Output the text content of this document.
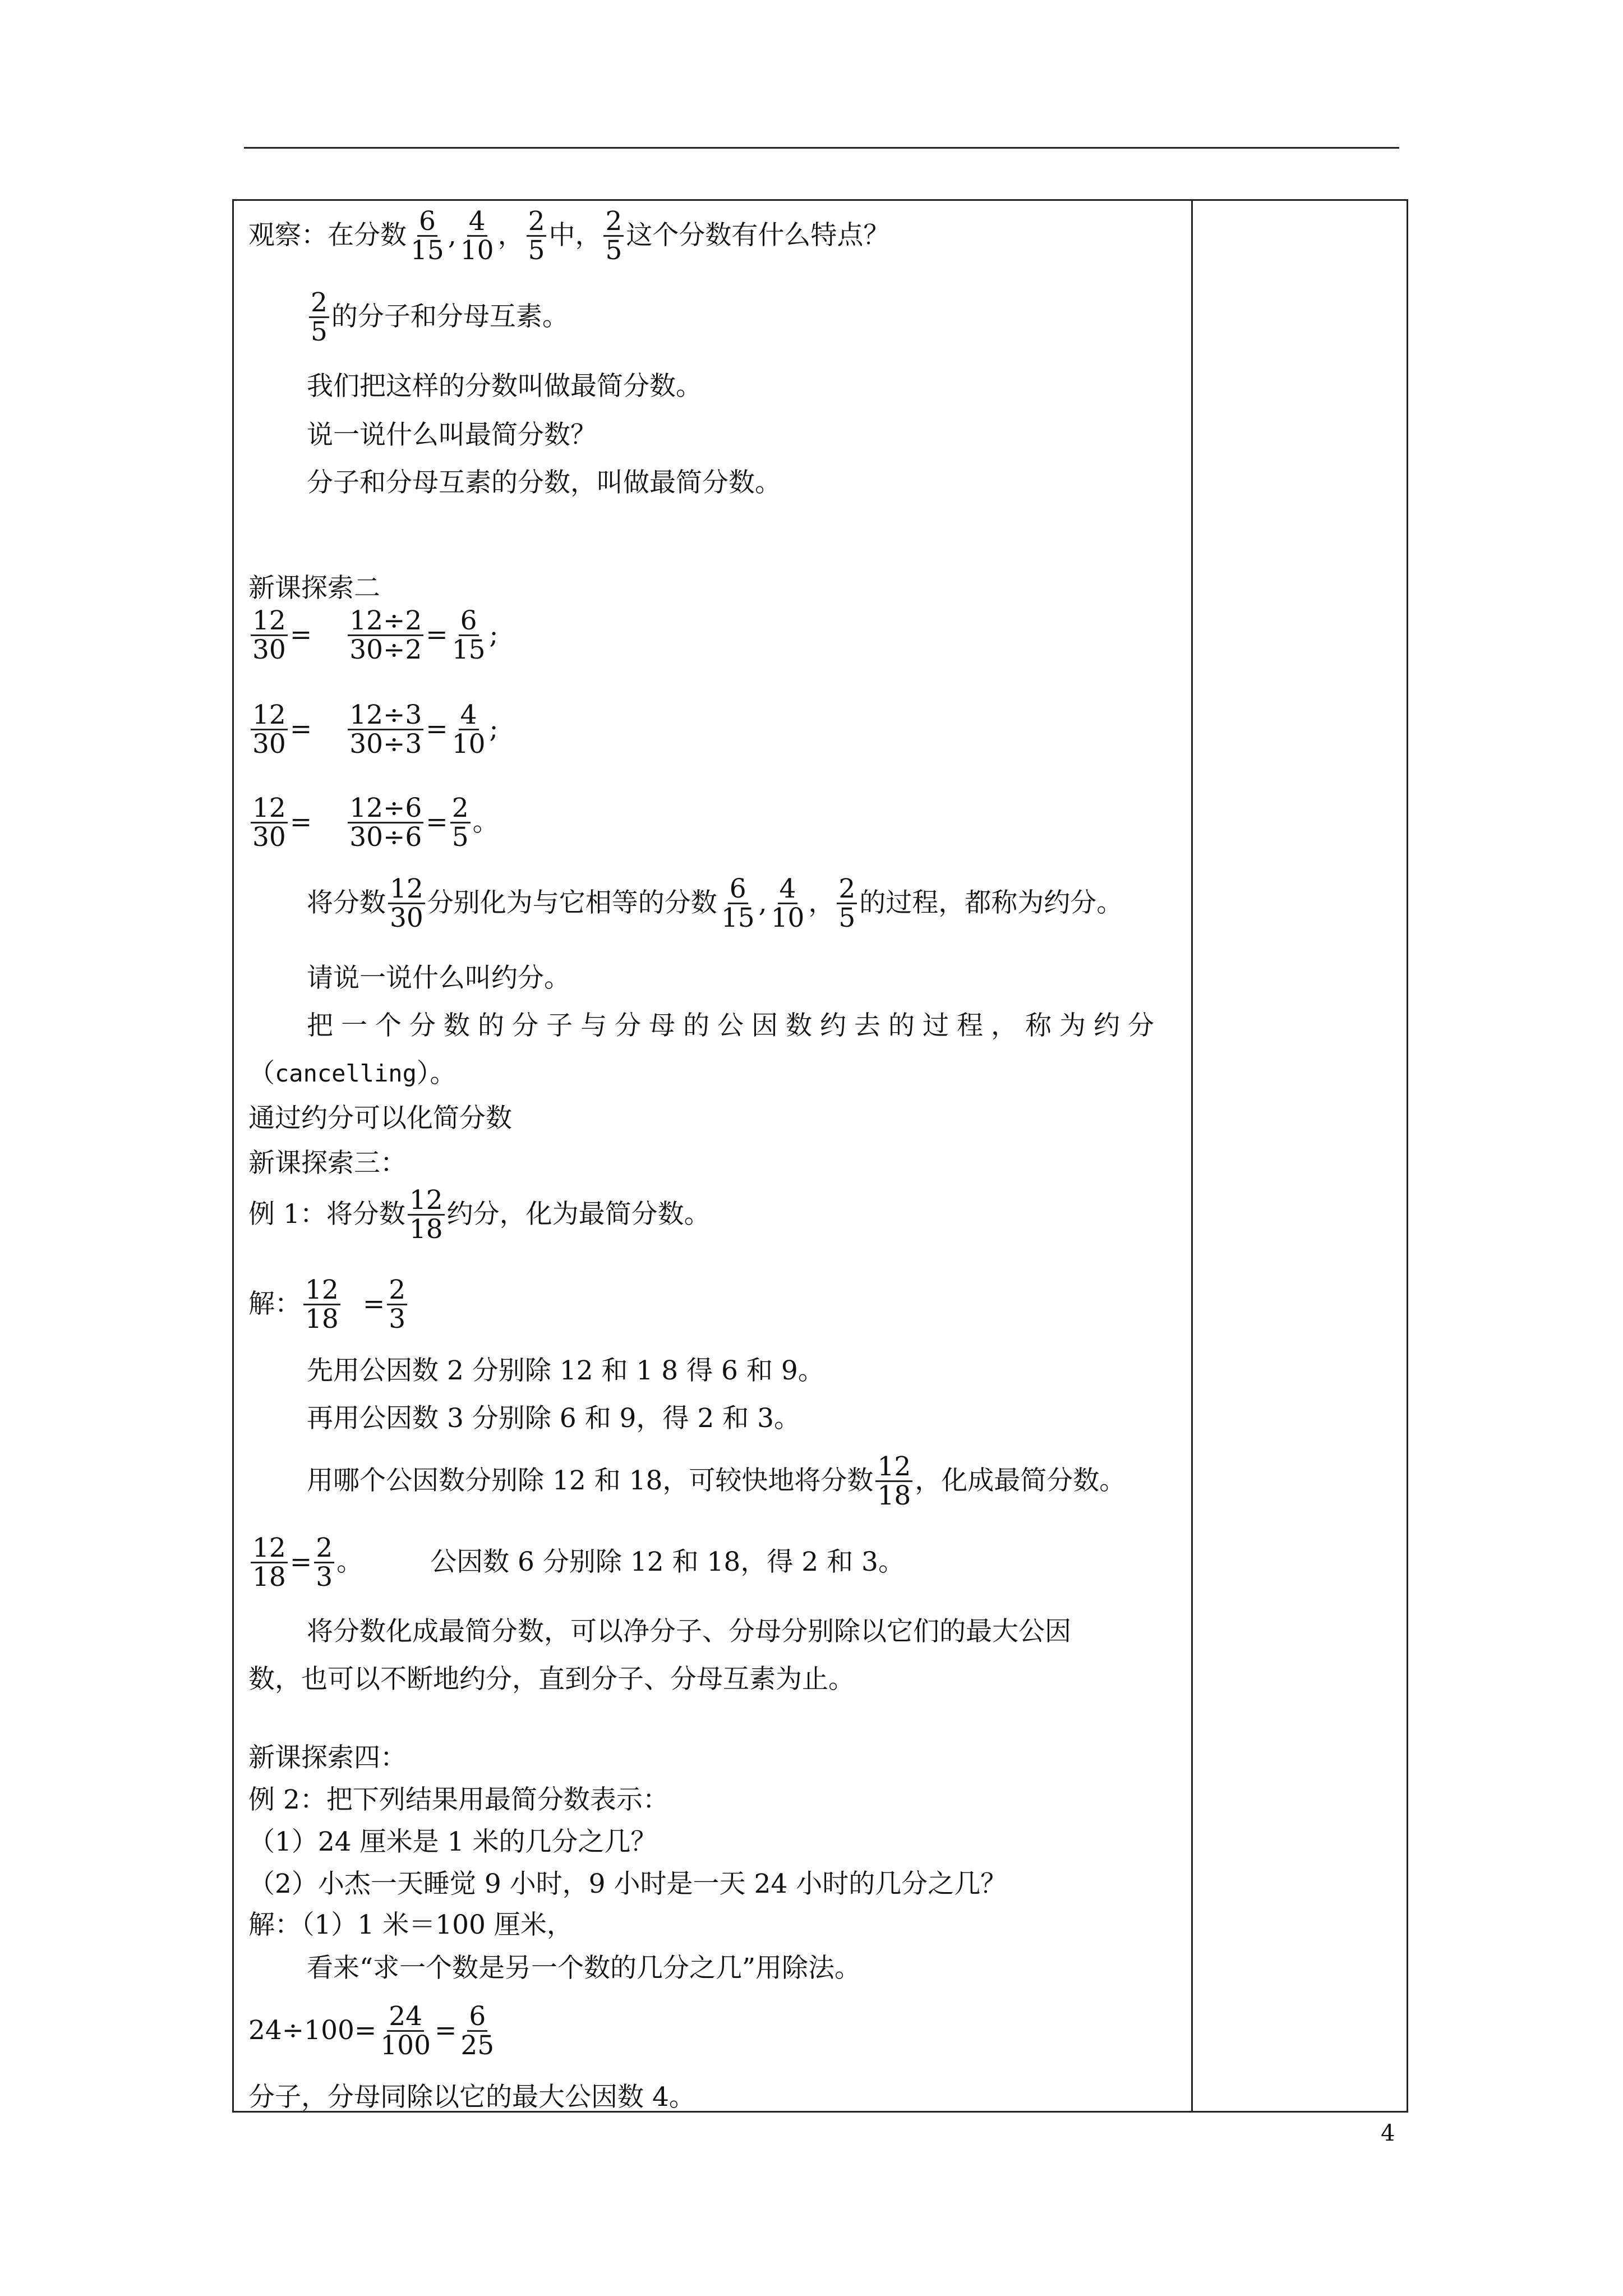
观察：在分数 $\frac{6}{15}$ , $\frac{4}{10}$ ， $\frac{2}{5}$ 中， $\frac{2}{5}$ 这个分数有什么特点？
$\frac{2}{5}$ 的分子和分母互素。
我们把这样的分数叫做最简分数。
说一说什么叫最简分数？
分子和分母互素的分数，叫做最简分数。
新课探索二
$\frac{12}{30} = \frac{12\div 2}{30\div 2} = \frac{6}{15}$ ;
$\frac{12}{30} = \frac{12\div 3}{30\div 3} = \frac{4}{10}$ ;
$\frac{12}{30} = \frac{12\div 6}{30\div 6} = \frac{2}{5}$ 。
将分数 $\frac{12}{30}$ 分别化为与它相等的分数 $\frac{6}{15}$ , $\frac{4}{10}$ ， $\frac{2}{5}$ 的过程，都称为约分。
请说一说什么叫约分。
把一个分数的分子与分母的公因数约去的过程，称为约分
（ cancelling ）。
通过约分可以化简分数
新课探索三：
例 1：将分数 $\frac{12}{18}$ 约分，化为最简分数。
解： $\frac{12}{18} = \frac{2}{3}$
先用公因数 2 分别除 12 和 1 8 得 6 和 9。
再用公因数 3 分别除 6 和 9，得 2 和 3。
用哪个公因数分别除 12 和 18，可较快地将分数 $\frac{12}{18}$ ，化成最简分数。
$\frac{12}{18} = \frac{2}{3}$ 。	公因数 6 分别除 12 和 18，得 2 和 3。
将分数化成最简分数，可以净分子、分母分别除以它们的最大公因
数，也可以不断地约分，直到分子、分母互素为止。
新课探索四：
例 2：把下列结果用最简分数表示：
（1）24 厘米是 1 米的几分之几？
（2）小杰一天睡觉 9 小时，9 小时是一天 24 小时的几分之几？
解：（1）1 米＝100 厘米，
看来“求一个数是另一个数的几分之几”用除法。
$24\div 100= \frac{24}{100} = \frac{6}{25}$
分子，分母同除以它的最大公因数 4。
4
